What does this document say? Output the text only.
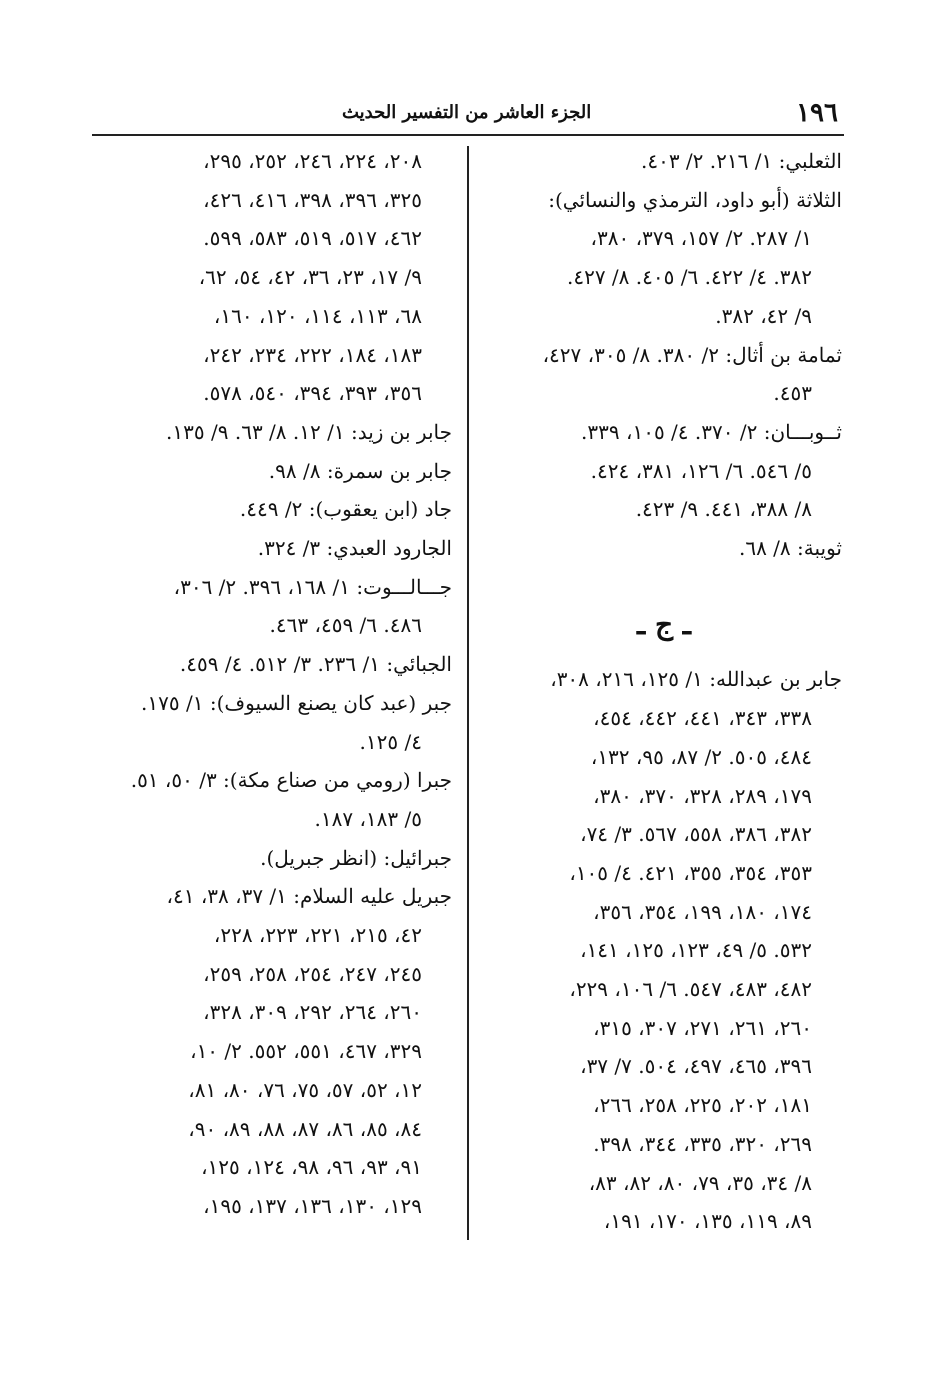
١٩٦
الجزء العاشر من التفسير الحديث

الثعلبي: ١/ ٢١٦. ٢/ ٤٠٣.

الثلاثة (أبو داود، الترمذي والنسائي):

١/ ٢٨٧. ٢/ ١٥٧، ٣٧٩، ٣٨٠،

٣٨٢. ٤/ ٤٢٢. ٦/ ٤٠٥. ٨/ ٤٢٧.

٩/ ٤٢، ٣٨٢.

ثمامة بن أثال: ٢/ ٣٨٠. ٨/ ٣٠٥، ٤٢٧،

٤٥٣.

ثــوبـــان: ٢/ ٣٧٠. ٤/ ١٠٥، ٣٣٩.

٥/ ٥٤٦. ٦/ ١٢٦، ٣٨١، ٤٢٤.

٨/ ٣٨٨، ٤٤١. ٩/ ٤٢٣.

ثويبة: ٨/ ٦٨.

ـ ج ـ

جابر بن عبدالله: ١/ ١٢٥، ٢١٦، ٣٠٨،

٣٣٨، ٣٤٣، ٤٤١، ٤٤٢، ٤٥٤،

٤٨٤، ٥٠٥. ٢/ ٨٧، ٩٥، ١٣٢،

١٧٩، ٢٨٩، ٣٢٨، ٣٧٠، ٣٨٠،

٣٨٢، ٣٨٦، ٥٥٨، ٥٦٧. ٣/ ٧٤،

٣٥٣، ٣٥٤، ٣٥٥، ٤٢١. ٤/ ١٠٥،

١٧٤، ١٨٠، ١٩٩، ٣٥٤، ٣٥٦،

٥٣٢. ٥/ ٤٩، ١٢٣، ١٢٥، ١٤١،

٤٨٢، ٤٨٣، ٥٤٧. ٦/ ١٠٦، ٢٢٩،

٢٦٠، ٢٦١، ٢٧١، ٣٠٧، ٣١٥،

٣٩٦، ٤٦٥، ٤٩٧، ٥٠٤. ٧/ ٣٧،

١٨١، ٢٠٢، ٢٢٥، ٢٥٨، ٢٦٦،

٢٦٩، ٣٢٠، ٣٣٥، ٣٤٤، ٣٩٨.

٨/ ٣٤، ٣٥، ٧٩، ٨٠، ٨٢، ٨٣،

٨٩، ١١٩، ١٣٥، ١٧٠، ١٩١،

٢٠٨، ٢٢٤، ٢٤٦، ٢٥٢، ٢٩٥،

٣٢٥، ٣٩٦، ٣٩٨، ٤١٦، ٤٢٦،

٤٦٢، ٥١٧، ٥١٩، ٥٨٣، ٥٩٩.

٩/ ١٧، ٢٣، ٣٦، ٤٢، ٥٤، ٦٢،

٦٨، ١١٣، ١١٤، ١٢٠، ١٦٠،

١٨٣، ١٨٤، ٢٢٢، ٢٣٤، ٢٤٢،

٣٥٦، ٣٩٣، ٣٩٤، ٥٤٠، ٥٧٨.

جابر بن زيد: ١/ ١٢. ٨/ ٦٣. ٩/ ١٣٥.

جابر بن سمرة: ٨/ ٩٨.

جاد (ابن يعقوب): ٢/ ٤٤٩.

الجارود العبدي: ٣/ ٣٢٤.

جـــالـــوت: ١/ ١٦٨، ٣٩٦. ٢/ ٣٠٦،

٤٨٦. ٦/ ٤٥٩، ٤٦٣.

الجبائي: ١/ ٢٣٦. ٣/ ٥١٢. ٤/ ٤٥٩.

جبر (عبد كان يصنع السيوف): ١/ ١٧٥.

٤/ ١٢٥.

جبرا (رومي من صناع مكة): ٣/ ٥٠، ٥١.

٥/ ١٨٣، ١٨٧.

جبرائيل: (انظر جبريل).

جبريل عليه السلام: ١/ ٣٧، ٣٨، ٤١،

٤٢، ٢١٥، ٢٢١، ٢٢٣، ٢٢٨،

٢٤٥، ٢٤٧، ٢٥٤، ٢٥٨، ٢٥٩،

٢٦٠، ٢٦٤، ٢٩٢، ٣٠٩، ٣٢٨،

٣٢٩، ٤٦٧، ٥٥١، ٥٥٢. ٢/ ١٠،

١٢، ٥٢، ٥٧، ٧٥، ٧٦، ٨٠، ٨١،

٨٤، ٨٥، ٨٦، ٨٧، ٨٨، ٨٩، ٩٠،

٩١، ٩٣، ٩٦، ٩٨، ١٢٤، ١٢٥،

١٢٩، ١٣٠، ١٣٦، ١٣٧، ١٩٥،
